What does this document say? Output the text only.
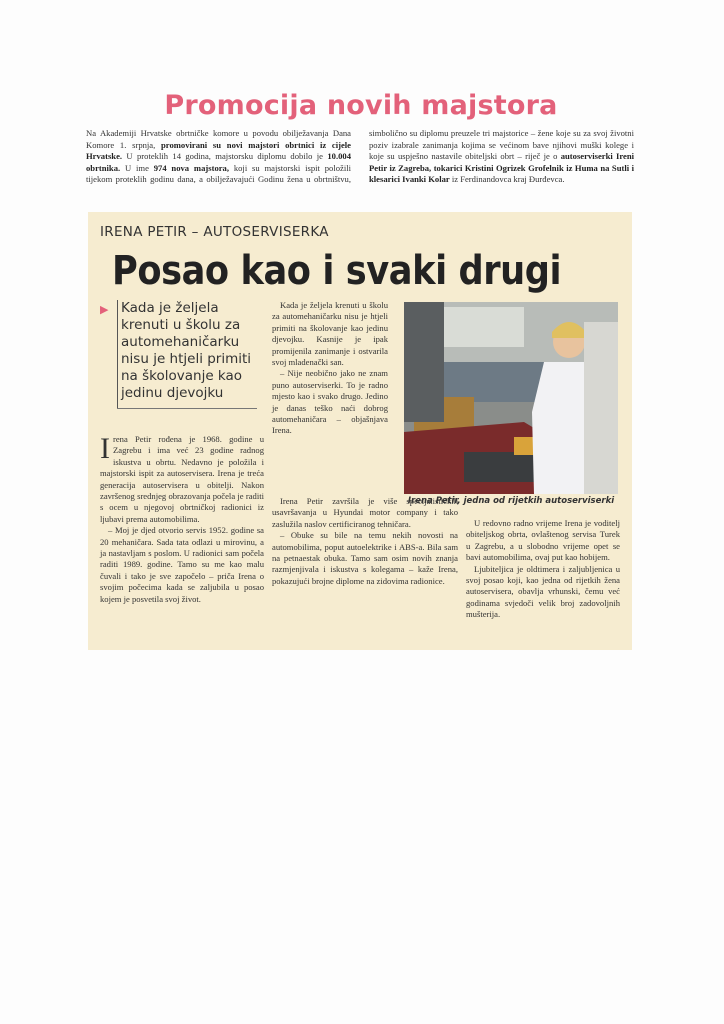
Promocija novih majstora

Na Akademiji Hrvatske obrtničke komore u povodu obilježavanja Dana Komore 1. srpnja, promovirani su novi majstori obrtnici iz cijele Hrvatske. U proteklih 14 godina, majstorsku diplomu dobilo je 10.004 obrtnika. U ime 974 nova majstora, koji su majstorski ispit položili tijekom proteklih godinu dana, a obilježavajući Godinu žena u obrtništvu, simbolično su diplomu preuzele tri majstorice – žene koje su za svoj životni poziv izabrale zanimanja kojima se većinom bave njihovi muški kolege i koje su uspješno nastavile obiteljski obrt – riječ je o autoserviserki Ireni Petir iz Zagreba, tokarici Kristini Ogrizek Grofelnik iz Huma na Sutli i klesarici Ivanki Kolar iz Ferdinandovca kraj Đurđevca.

IRENA PETIR – AUTOSERVISERKA

Posao kao i svaki drugi
▶ Kada je željela krenuti u školu za automehaničarku nisu je htjeli primiti na školovanje kao jedinu djevojku

Irena Petir rođena je 1968. godine u Zagrebu i ima već 23 godine radnog iskustva u obrtu. Nedavno je položila i majstorski ispit za autoserviserа. Irena je treća generacija autoservisera u obitelji. Nakon završenog srednjeg obrazovanja počela je raditi s ocem u njegovoj obrtničkoj radionici iz ljubavi prema automobilima.

– Moj je djed otvorio servis 1952. godine sa 20 mehaničara. Sada tata odlazi u mirovinu, a ja nastavljam s poslom. U radionici sam počela raditi 1989. godine. Tamo su me kao malu čuvali i tako je sve započelo – priča Irena o svojim počecima kada se zaljubila u posao kojem je posvetila svoj život.

Kada je željela krenuti u školu za automehaničarku nisu je htjeli primiti na školovanje kao jedinu djevojku. Kasnije je ipak promijenila zanimanje i ostvarila svoj mladenački san.

– Nije neobično jako ne znam puno autoserviserki. To je radno mjesto kao i svako drugo. Jedino je danas teško naći dobrog automehaničara – objašnjava Irena.

Irena Petir, jedna od rijetkih autoserviserki

Irena Petir završila je više specijalističkih usavršavanja u Hyundai motor company i tako zaslužila naslov certificiranog tehničara.

– Obuke su bile na temu nekih novosti na automobilima, poput autoelektrike i ABS-a. Bila sam na petnaestak obuka. Tamo sam osim novih znanja razmjenjivala i iskustva s kolegama – kaže Irena, pokazujući brojne diplome na zidovima radionice.

U redovno radno vrijeme Irena je voditelj obiteljskog obrta, ovlaštenog servisa Turek u Zagrebu, a u slobodno vrijeme opet se bavi automobilima, ovaj put kao hobijem.

Ljubiteljica je oldtimera i zaljubljenica u svoj posao koji, kao jedna od rijetkih žena autoservisera, obavlja vrhunski, čemu već godinama svjedoči velik broj zadovoljnih mušterija.
